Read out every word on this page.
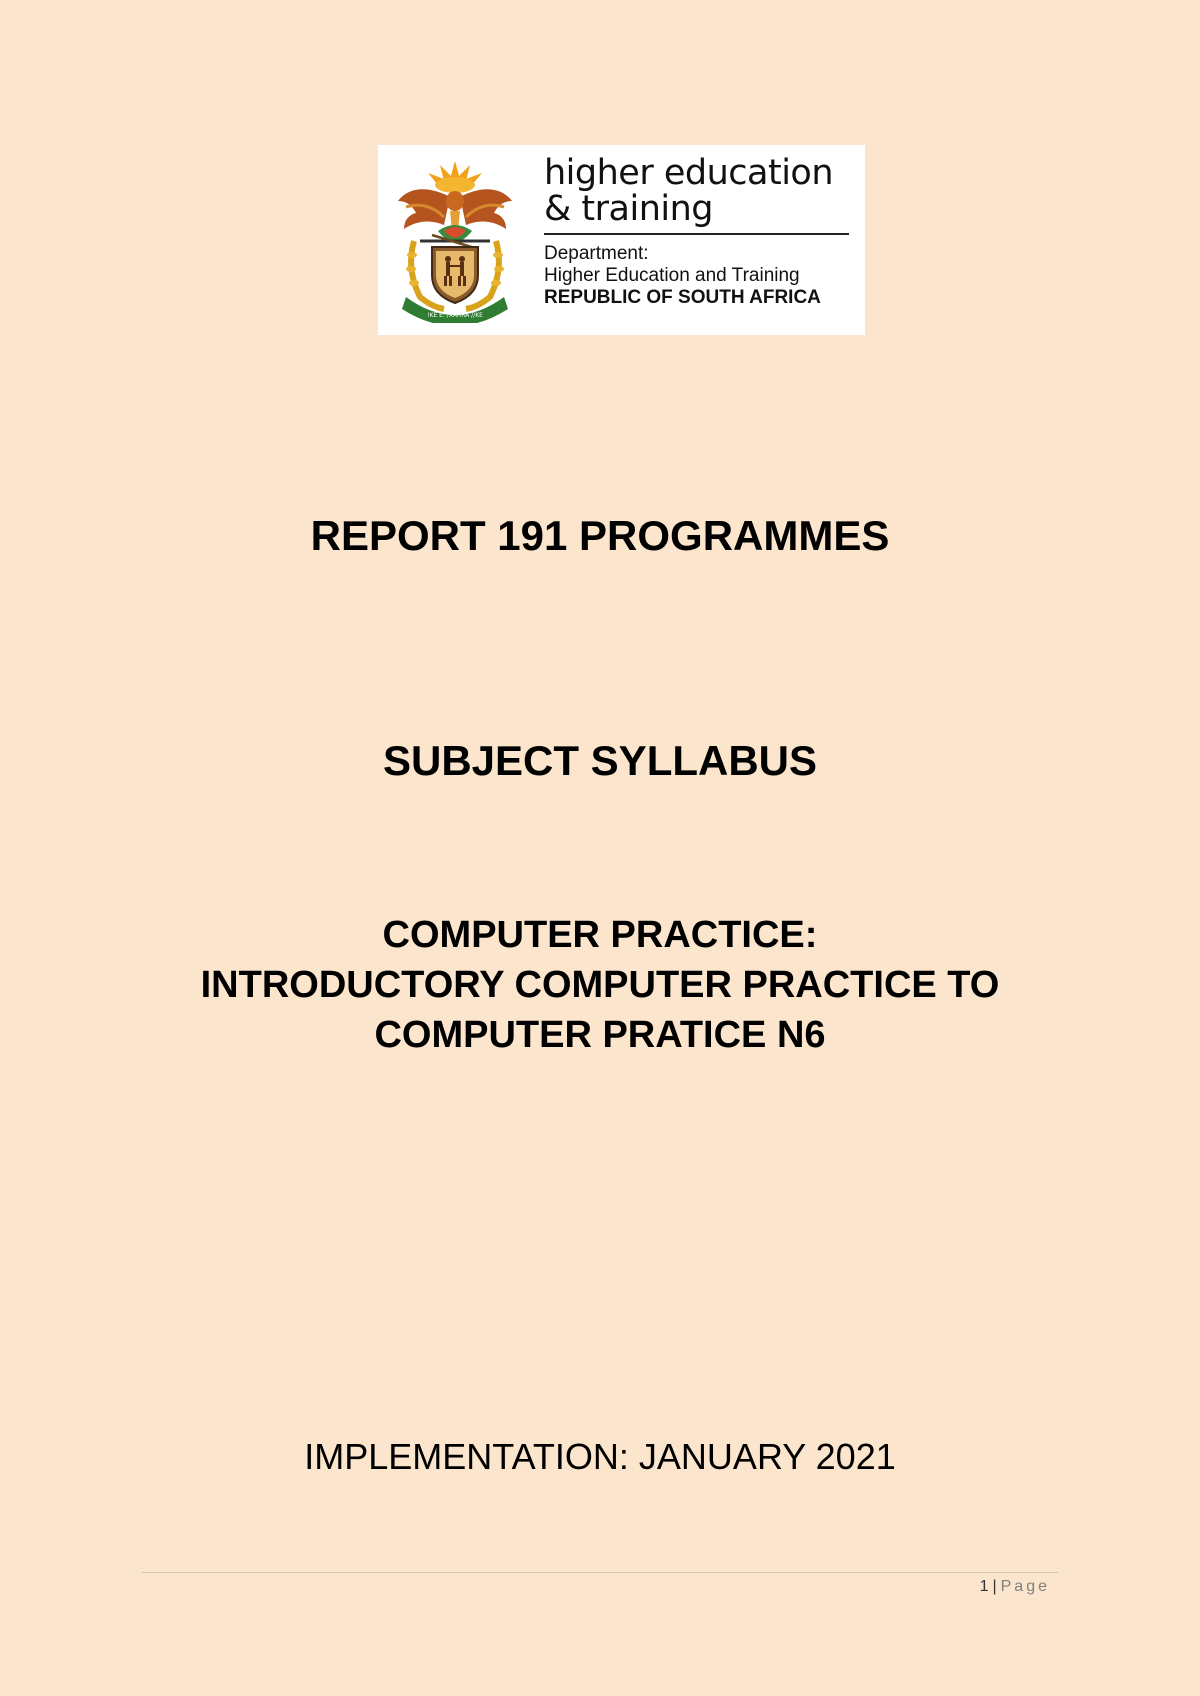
!KE E: /XARRA //KE
higher education
& training
Department:
Higher Education and Training
REPUBLIC OF SOUTH AFRICA
REPORT 191 PROGRAMMES
SUBJECT SYLLABUS
COMPUTER PRACTICE:
INTRODUCTORY COMPUTER PRACTICE TO
COMPUTER PRATICE N6
IMPLEMENTATION: JANUARY 2021
1 | Page
